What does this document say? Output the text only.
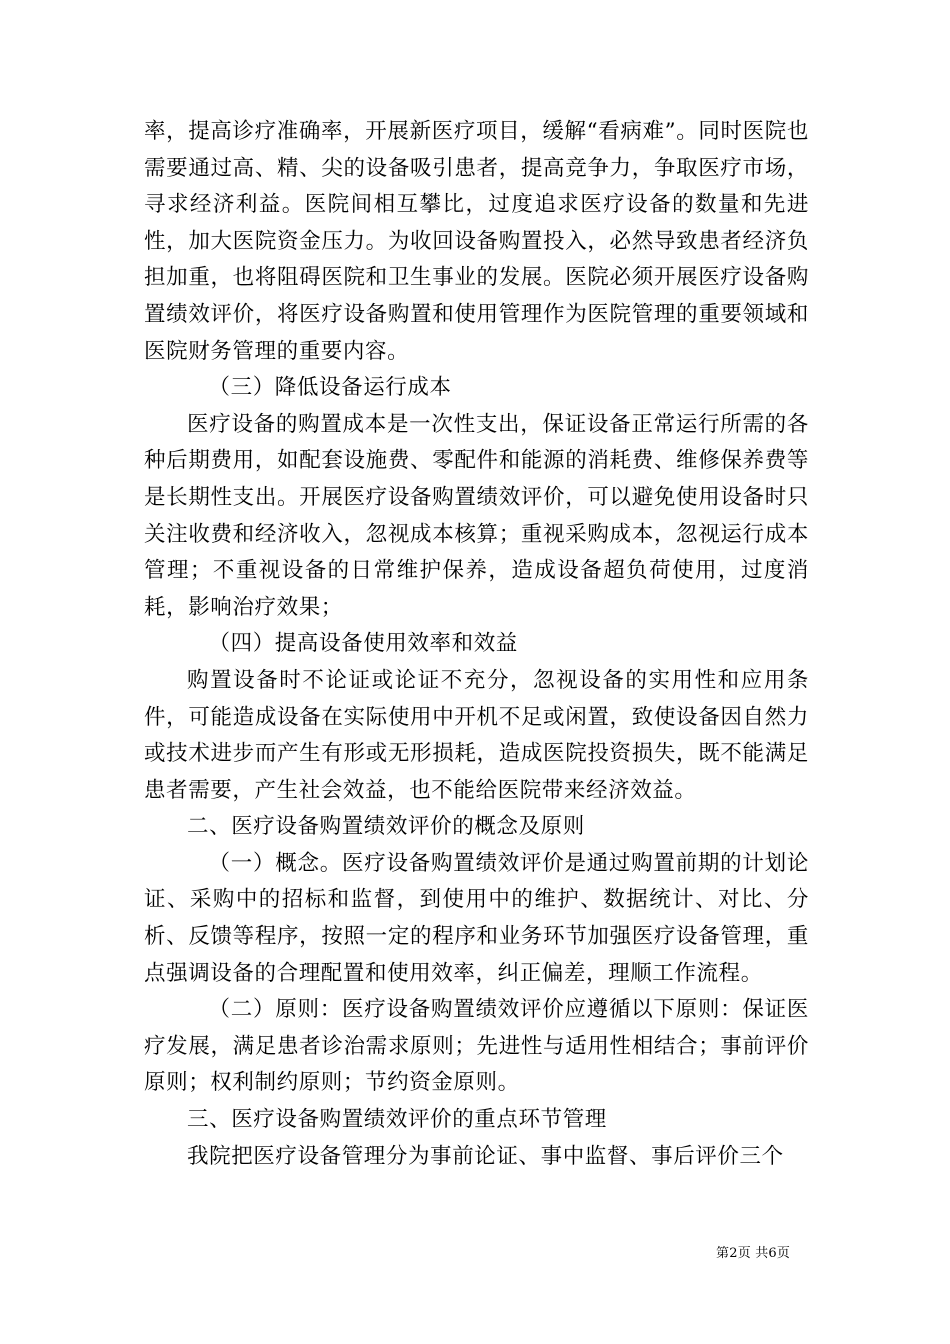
率，提高诊疗准确率，开展新医疗项目，缓解“看病难”。同时医院也需要通过高、精、尖的设备吸引患者，提高竞争力，争取医疗市场，寻求经济利益。医院间相互攀比，过度追求医疗设备的数量和先进性，加大医院资金压力。为收回设备购置投入，必然导致患者经济负担加重，也将阻碍医院和卫生事业的发展。医院必须开展医疗设备购置绩效评价，将医疗设备购置和使用管理作为医院管理的重要领域和医院财务管理的重要内容。

（三）降低设备运行成本

医疗设备的购置成本是一次性支出，保证设备正常运行所需的各种后期费用，如配套设施费、零配件和能源的消耗费、维修保养费等是长期性支出。开展医疗设备购置绩效评价，可以避免使用设备时只关注收费和经济收入，忽视成本核算；重视采购成本，忽视运行成本管理；不重视设备的日常维护保养，造成设备超负荷使用，过度消耗，影响治疗效果；

（四）提高设备使用效率和效益

购置设备时不论证或论证不充分，忽视设备的实用性和应用条件，可能造成设备在实际使用中开机不足或闲置，致使设备因自然力或技术进步而产生有形或无形损耗，造成医院投资损失，既不能满足患者需要，产生社会效益，也不能给医院带来经济效益。

二、医疗设备购置绩效评价的概念及原则

（一）概念。医疗设备购置绩效评价是通过购置前期的计划论证、采购中的招标和监督，到使用中的维护、数据统计、对比、分析、反馈等程序，按照一定的程序和业务环节加强医疗设备管理，重点强调设备的合理配置和使用效率，纠正偏差，理顺工作流程。

（二）原则：医疗设备购置绩效评价应遵循以下原则：保证医疗发展，满足患者诊治需求原则；先进性与适用性相结合；事前评价原则；权利制约原则；节约资金原则。

三、医疗设备购置绩效评价的重点环节管理

我院把医疗设备管理分为事前论证、事中监督、事后评价三个

第2页 共6页
